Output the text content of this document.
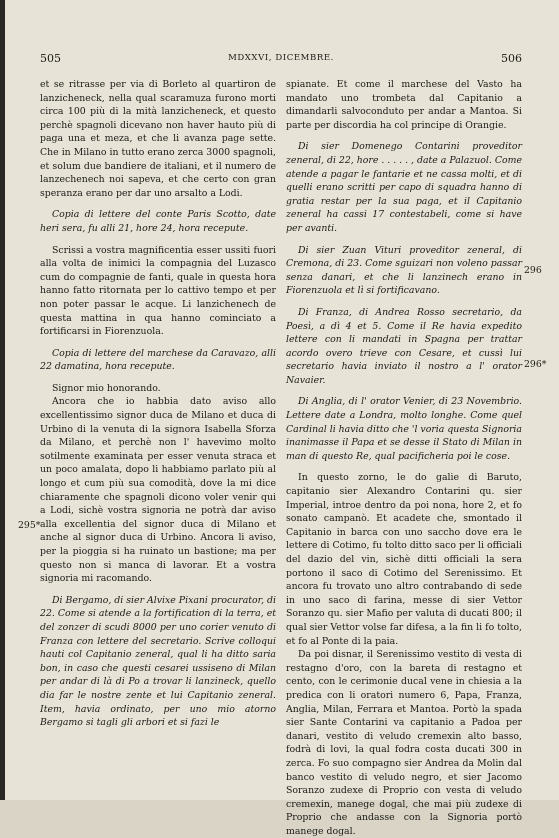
505	MDXXVI, DICEMBRE.	506

et se ritrasse per via di Borleto al quartiron de lanzicheneck, nella qual scaramuza furono morti circa 100 più di la mità lanzicheneck, et questo perchè spagnoli dicevano non haver hauto più di paga una et meza, et che li avanza page sette. Che in Milano in tutto erano zerca 3000 spagnoli, et solum due bandiere de italiani, et il numero de lanzechenech noi sapeva, et che certo con gran speranza erano per dar uno arsalto a Lodi.

Copia di lettere del conte Paris Scotto, date heri sera, fu alli 21, hore 24, hora recepute.

Scrissi a vostra magnificentia esser ussiti fuori alla volta de inimici la compagnia del Luzasco cum do compagnie de fanti, quale in questa hora hanno fatto ritornata per lo cattivo tempo et per non poter passar le acque. Li lanzichenech de questa mattina in qua hanno cominciato a fortificarsi in Fiorenzuola.

Copia di lettere del marchese da Caravazo, alli 22 damatina, hora recepute.

Signor mio honorando.

Ancora che io habbia dato aviso allo excellentissimo signor duca de Milano et duca di Urbino di la venuta di la signora Isabella Sforza da Milano, et perchè non l' havevimo molto sotilmente examinata per esser venuta straca et un poco amalata, dopo li habbiamo parlato più al longo et cum più sua comodità, dove la mi dice chiaramente che spagnoli dicono voler venir qui a Lodi, sichè vostra signoria ne potrà dar aviso alla excellentia del signor duca di Milano et anche al signor duca di Urbino. Ancora li aviso, per la pioggia si ha ruinato un bastione; ma per questo non si manca di lavorar. Et a vostra signoria mi racomando.

Di Bergamo, di sier Alvixe Pixani procurator, di 22. Come si atende a la fortification di la terra, et del zonzer di scudi 8000 per uno corier venuto di Franza con lettere del secretario. Scrive colloqui hauti col Capitanio zeneral, qual li ha ditto saria bon, in caso che questi cesarei ussiseno di Milan per andar di là di Po a trovar li lanzineck, quello dia far le nostre zente et lui Capitanio zeneral. Item, havia ordinato, per uno mio atorno Bergamo si tagli gli arbori et si fazi le

spianate. Et come il marchese del Vasto ha mandato uno trombeta dal Capitanio a dimandarli salvoconduto per andar a Mantoa. Si parte per discordia ha col principe di Orangie.

Di sier Domenego Contarini proveditor zeneral, di 22, hore . . . . . , date a Palazuol. Come atende a pagar le fantarie et ne cassa molti, et di quelli erano scritti per capo di squadra hanno di gratia restar per la sua paga, et il Capitanio zeneral ha cassi 17 contestabeli, come si have per avanti.

Di sier Zuan Vituri proveditor zeneral, di Cremona, di 23. Come sguizari non voleno passar senza danari, et che li lanzinech erano in Fiorenzuola et lì si fortificavano.

Di Franza, di Andrea Rosso secretario, da Poesì, a dì 4 et 5. Come il Re havia expedito lettere con li mandati in Spagna per trattar acordo overo trieve con Cesare, et cussì lui secretario havia inviato il nostro a l' orator Navaier.

Di Anglia, di l' orator Venier, di 23 Novembrio. Lettere date a Londra, molto longhe. Come quel Cardinal li havia ditto che 'l voria questa Signoria inanimasse il Papa et se desse il Stato di Milan in man di questo Re, qual pacificheria poi le cose.

In questo zorno, le do galie di Baruto, capitanio sier Alexandro Contarini qu. sier Imperial, introe dentro da poi nona, hore 2, et fo sonato campanò. Et acadete che, smontado il Capitanio in barca con uno saccho dove era le lettere di Cotimo, fu tolto ditto saco per li officiali del dazio del vin, sichè ditti officiali la sera portono il saco di Cotimo del Serenissimo. Et ancora fu trovato uno altro contrabando di sede in uno saco di farina, messe di sier Vettor Soranzo qu. sier Mafio per valuta di ducati 800; il qual sier Vettor volse far difesa, a la fin li fo tolto, et fo al Ponte di la paia.

Da poi disnar, il Serenissimo vestito di vesta di restagno d'oro, con la bareta di restagno et cento, con le cerimonie ducal vene in chiesia a la predica con li oratori numero 6, Papa, Franza, Anglia, Milan, Ferrara et Mantoa. Portò la spada sier Sante Contarini va capitanio a Padoa per danari, vestito di veludo cremexin alto basso, fodrà di lovi, la qual fodra costa ducati 300 in zerca. Fo suo compagno sier Andrea da Molin dal banco vestito di veludo negro, et sier Jacomo Soranzo zudexe di Proprio con vesta di veludo cremexin, manege dogal, che mai più zudexe di Proprio che andasse con la Signoria portò manege dogal.

295*
296
296*
